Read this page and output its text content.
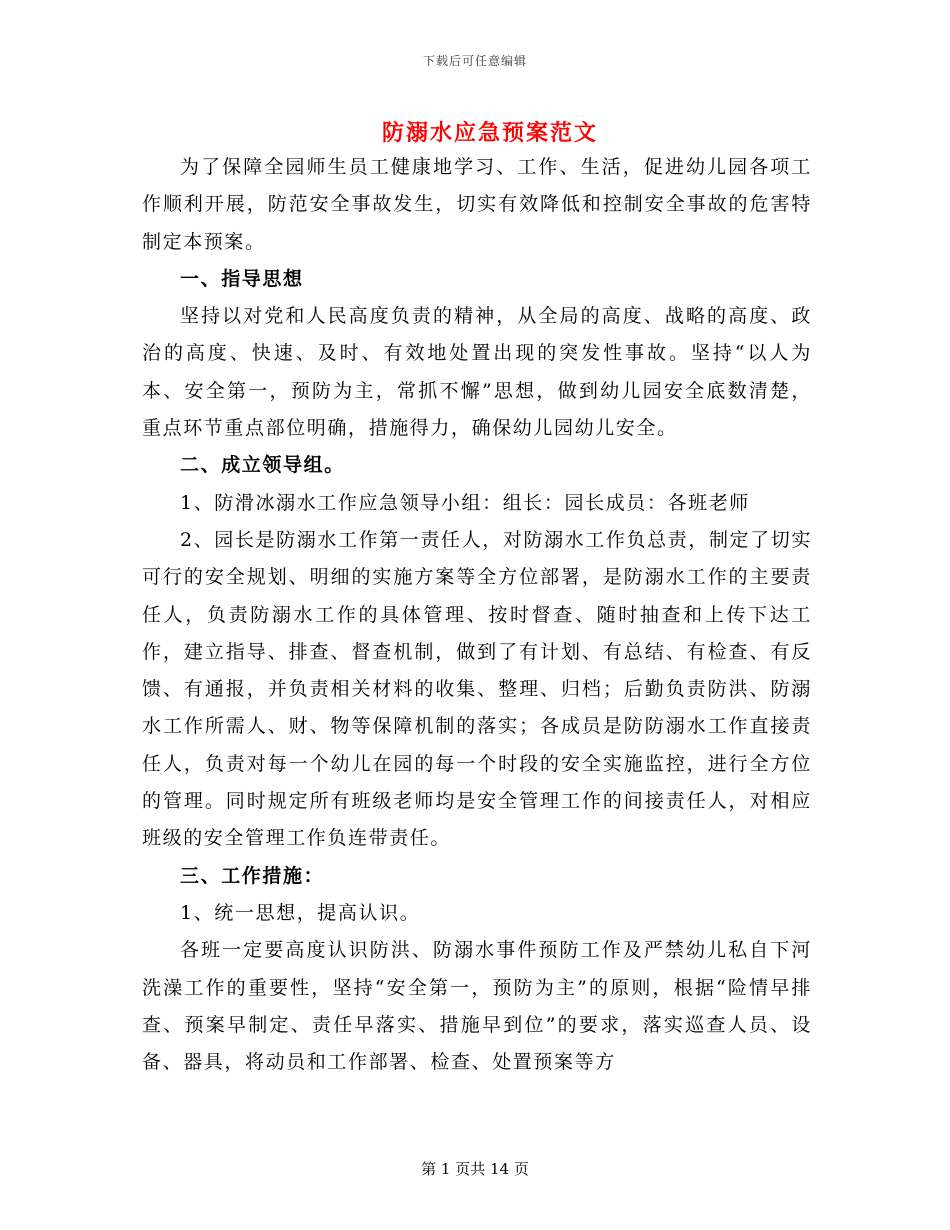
下载后可任意编辑
防溺水应急预案范文

为了保障全园师生员工健康地学习、工作、生活，促进幼儿园各项工作顺利开展，防范安全事故发生，切实有效降低和控制安全事故的危害特制定本预案。

一、指导思想

坚持以对党和人民高度负责的精神，从全局的高度、战略的高度、政治的高度、快速、及时、有效地处置出现的突发性事故。坚持“以人为本、安全第一，预防为主，常抓不懈”思想，做到幼儿园安全底数清楚，重点环节重点部位明确，措施得力，确保幼儿园幼儿安全。

二、成立领导组。

1、防滑冰溺水工作应急领导小组：组长：园长成员：各班老师

2、园长是防溺水工作第一责任人，对防溺水工作负总责，制定了切实可行的安全规划、明细的实施方案等全方位部署，是防溺水工作的主要责任人，负责防溺水工作的具体管理、按时督查、随时抽查和上传下达工作，建立指导、排查、督查机制，做到了有计划、有总结、有检查、有反馈、有通报，并负责相关材料的收集、整理、归档；后勤负责防洪、防溺水工作所需人、财、物等保障机制的落实；各成员是防防溺水工作直接责任人，负责对每一个幼儿在园的每一个时段的安全实施监控，进行全方位的管理。同时规定所有班级老师均是安全管理工作的间接责任人，对相应班级的安全管理工作负连带责任。

三、工作措施：

1、统一思想，提高认识。

各班一定要高度认识防洪、防溺水事件预防工作及严禁幼儿私自下河洗澡工作的重要性，坚持“安全第一，预防为主”的原则，根据“险情早排查、预案早制定、责任早落实、措施早到位”的要求，落实巡查人员、设备、器具，将动员和工作部署、检查、处置预案等方

第 1 页共 14 页
